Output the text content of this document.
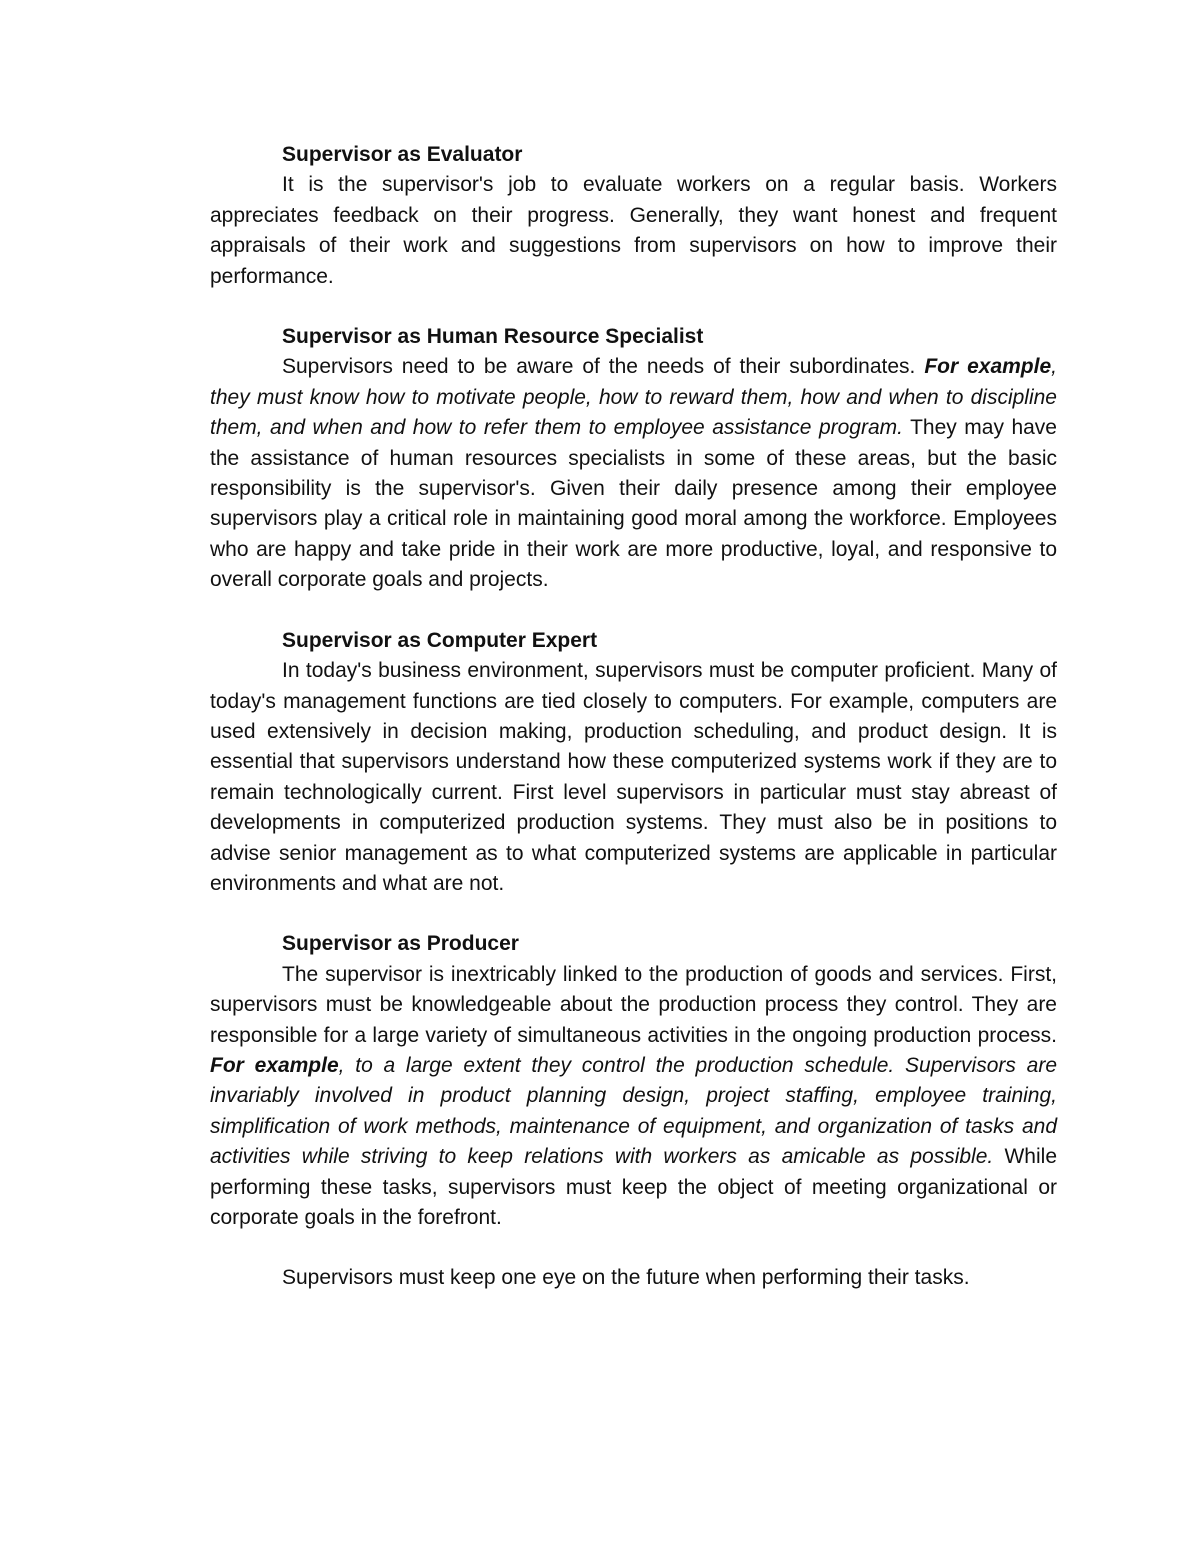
Supervisor as Evaluator

It is the supervisor's job to evaluate workers on a regular basis. Workers appreciates feedback on their progress. Generally, they want honest and frequent appraisals of their work and suggestions from supervisors on how to improve their performance.

Supervisor as Human Resource Specialist

Supervisors need to be aware of the needs of their subordinates. For example, they must know how to motivate people, how to reward them, how and when to discipline them, and when and how to refer them to employee assistance program. They may have the assistance of human resources specialists in some of these areas, but the basic responsibility is the supervisor's. Given their daily presence among their employee supervisors play a critical role in maintaining good moral among the workforce. Employees who are happy and take pride in their work are more productive, loyal, and responsive to overall corporate goals and projects.

Supervisor as Computer Expert

In today's business environment, supervisors must be computer proficient. Many of today's management functions are tied closely to computers. For example, computers are used extensively in decision making, production scheduling, and product design. It is essential that supervisors understand how these computerized systems work if they are to remain technologically current. First level supervisors in particular must stay abreast of developments in computerized production systems. They must also be in positions to advise senior management as to what computerized systems are applicable in particular environments and what are not.

Supervisor as Producer

The supervisor is inextricably linked to the production of goods and services. First, supervisors must be knowledgeable about the production process they control. They are responsible for a large variety of simultaneous activities in the ongoing production process. For example, to a large extent they control the production schedule. Supervisors are invariably involved in product planning design, project staffing, employee training, simplification of work methods, maintenance of equipment, and organization of tasks and activities while striving to keep relations with workers as amicable as possible. While performing these tasks, supervisors must keep the object of meeting organizational or corporate goals in the forefront.

Supervisors must keep one eye on the future when performing their tasks.
